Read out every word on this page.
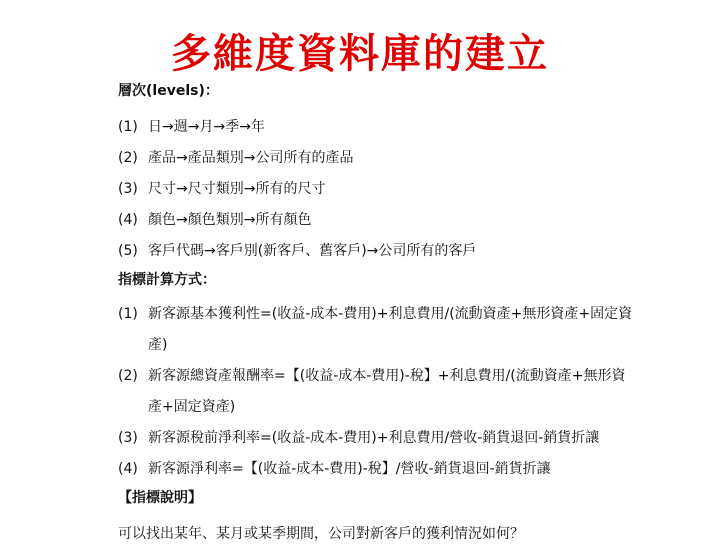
多維度資料庫的建立
層次(levels)：
(1) 日→週→月→季→年
(2) 產品→產品類別→公司所有的產品
(3) 尺寸→尺寸類別→所有的尺寸
(4) 顏色→顏色類別→所有顏色
(5) 客戶代碼→客戶別(新客戶、舊客戶)→公司所有的客戶
指標計算方式：
(1) 新客源基本獲利性=(收益-成本-費用)+利息費用/(流動資產+無形資產+固定資產)
(2) 新客源總資產報酬率=【(收益-成本-費用)-稅】+利息費用/(流動資產+無形資產+固定資產)
(3) 新客源稅前淨利率=(收益-成本-費用)+利息費用/營收-銷貨退回-銷貨折讓
(4) 新客源淨利率=【(收益-成本-費用)-稅】/營收-銷貨退回-銷貨折讓
【指標說明】
可以找出某年、某月或某季期間，公司對新客戶的獲利情況如何？
